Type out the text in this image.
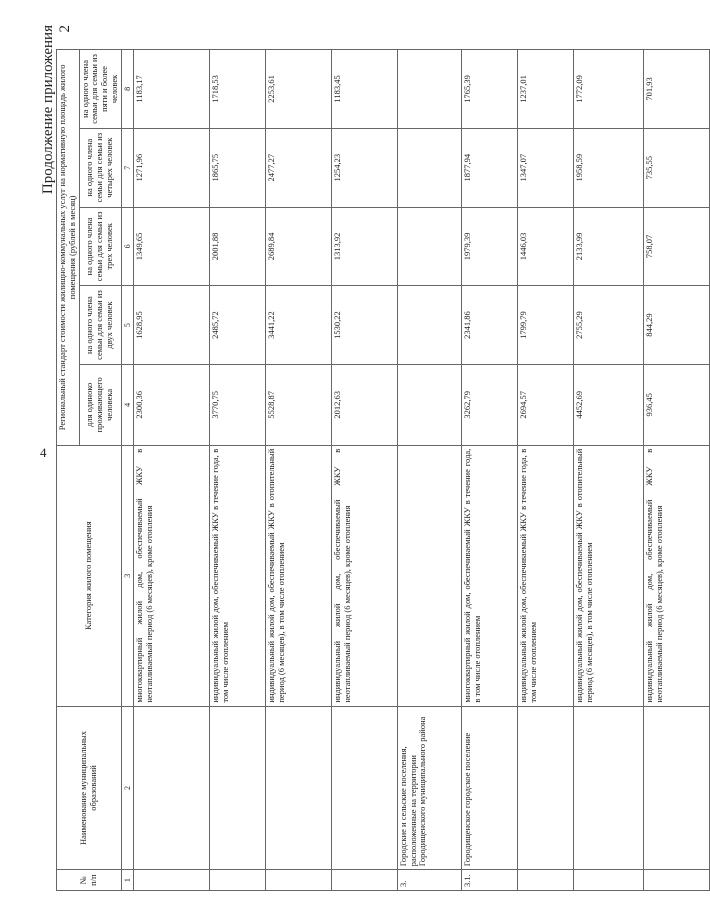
4
Продолжение приложения 2
№ п/п	Наименование муниципальных образований	Категория жилого помещения	Региональный стандарт стоимости жилищно-коммунальных услуг на нормативную площадь жилого помещения (рублей в месяц)				
			для одиноко проживающего человека	на одного члена семьи для семьи из двух человек	на одного члена семьи для семьи из трех человек	на одного члена семьи для семьи из четырех человек	на одного члена семьи для семьи из пяти и более человек
1	2	3	4	5	6	7	8
		многоквартирный жилой дом, обеспечиваемый ЖКУ в неотапливаемый период (6 месяцев), кроме отопления	2300,36	1628,95	1349,65	1271,96	1183,17
		индивидуальный жилой дом, обеспечиваемый ЖКУ в течение года, в том числе отоплением	3770,75	2485,72	2001,88	1865,75	1718,53
		индивидуальный жилой дом, обеспечиваемый ЖКУ в отопительный период (6 месяцев), в том числе отоплением	5528,87	3441,22	2689,84	2477,27	2253,61
		индивидуальный жилой дом, обеспечиваемый ЖКУ в неотапливаемый период (6 месяцев), кроме отопления	2012,63	1530,22	1313,92	1254,23	1183,45
3.	Городские и сельские поселения, расположенные на территории Городищенского муниципального района						
3.1.	Городищенское городское поселение	многоквартирный жилой дом, обеспечиваемый ЖКУ в течение года, в том числе отоплением	3262,79	2341,86	1979,39	1877,94	1765,39
		индивидуальный жилой дом, обеспечиваемый ЖКУ в течение года, в том числе отоплением	2694,57	1799,79	1446,03	1347,07	1237,01
		индивидуальный жилой дом, обеспечиваемый ЖКУ в отопительный период (6 месяцев), в том числе отоплением	4452,69	2755,29	2133,99	1958,59	1772,09
		индивидуальный жилой дом, обеспечиваемый ЖКУ в неотапливаемый период (6 месяцев), кроме отопления	936,45	844,29	758,07	735,55	701,93
